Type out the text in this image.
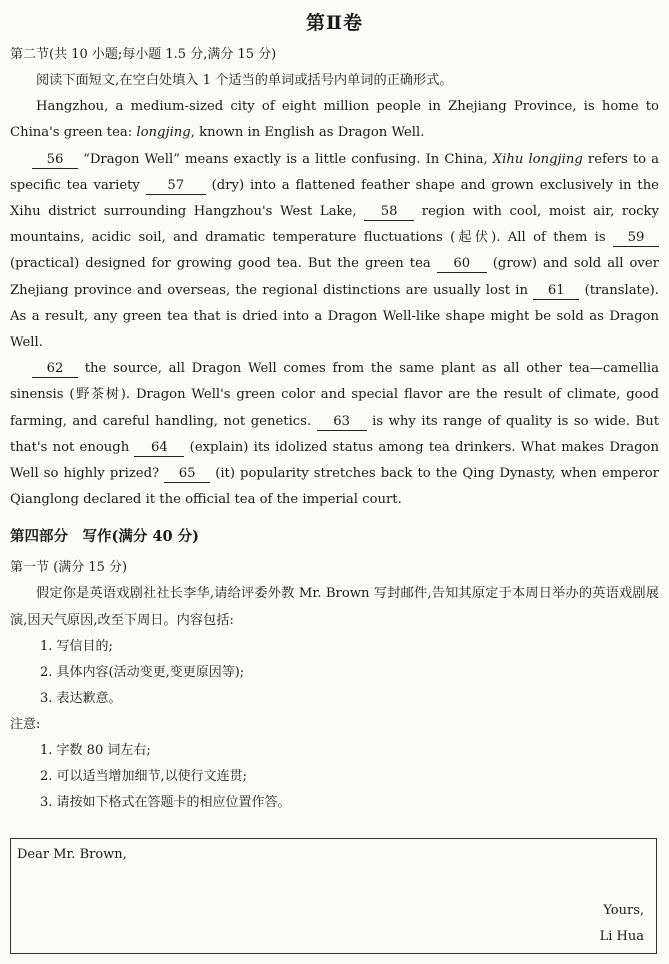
第Ⅱ卷
第二节(共 10 小题;每小题 1.5 分,满分 15 分)
阅读下面短文,在空白处填入 1 个适当的单词或括号内单词的正确形式。
Hangzhou, a medium-sized city of eight million people in Zhejiang Province, is home to China's green tea: longjing, known in English as Dragon Well.
56 “Dragon Well” means exactly is a little confusing. In China, Xihu longjing refers to a specific tea variety 57 (dry) into a flattened feather shape and grown exclusively in the Xihu district surrounding Hangzhou's West Lake, 58 region with cool, moist air, rocky mountains, acidic soil, and dramatic temperature fluctuations (起伏). All of them is 59 (practical) designed for growing good tea. But the green tea 60 (grow) and sold all over Zhejiang province and overseas, the regional distinctions are usually lost in 61 (translate). As a result, any green tea that is dried into a Dragon Well-like shape might be sold as Dragon Well.
62 the source, all Dragon Well comes from the same plant as all other tea—camellia sinensis (野茶树). Dragon Well's green color and special flavor are the result of climate, good farming, and careful handling, not genetics. 63 is why its range of quality is so wide. But that's not enough 64 (explain) its idolized status among tea drinkers. What makes Dragon Well so highly prized? 65 (it) popularity stretches back to the Qing Dynasty, when emperor Qianglong declared it the official tea of the imperial court.
第四部分　写作(满分 40 分)
第一节 (满分 15 分)
假定你是英语戏剧社社长李华,请给评委外教 Mr. Brown 写封邮件,告知其原定于本周日举办的英语戏剧展演,因天气原因,改至下周日。内容包括:
1. 写信目的;
2. 具体内容(活动变更,变更原因等);
3. 表达歉意。
注意:
1. 字数 80 词左右;
2. 可以适当增加细节,以使行文连贯;
3. 请按如下格式在答题卡的相应位置作答。
Dear Mr. Brown,
Yours,
Li Hua
